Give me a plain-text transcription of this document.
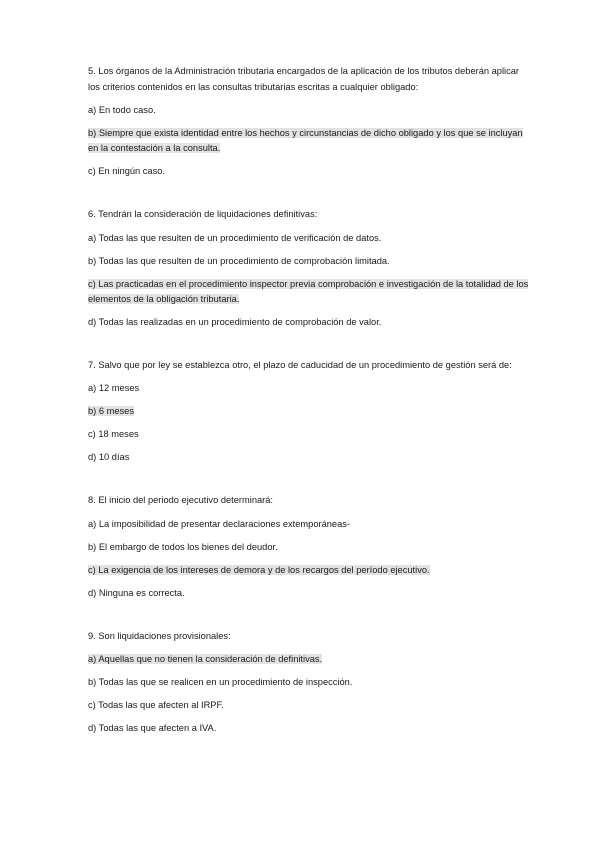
5. Los órganos de la Administración tributaria encargados de la aplicación de los tributos deberán aplicar los criterios contenidos en las consultas tributarias escritas a cualquier obligado:

a) En todo caso.

b) Siempre que exista identidad entre los hechos y circunstancias de dicho obligado y los que se incluyan en la contestación a la consulta.

c) En ningún caso.

6. Tendrán la consideración de liquidaciones definitivas:

a) Todas las que resulten de un procedimiento de verificación de datos.

b) Todas las que resulten de un procedimiento de comprobación limitada.

c) Las practicadas en el procedimiento inspector previa comprobación e investigación de la totalidad de los elementos de la obligación tributaria.

d) Todas las realizadas en un procedimiento de comprobación de valor.

7. Salvo que por ley se establezca otro, el plazo de caducidad de un procedimiento de gestión será de:

a) 12 meses

b) 6 meses

c) 18 meses

d) 10 días

8. El inicio del periodo ejecutivo determinará:

a) La imposibilidad de presentar declaraciones extemporáneas-

b) El embargo de todos los bienes del deudor.

c) La exigencia de los intereses de demora y de los recargos del período ejecutivo.

d) Ninguna es correcta.

9. Son liquidaciones provisionales:

a) Aquellas que no tienen la consideración de definitivas.

b) Todas las que se realicen en un procedimiento de inspección.

c) Todas las que afecten al IRPF.

d) Todas las que afecten a IVA.
